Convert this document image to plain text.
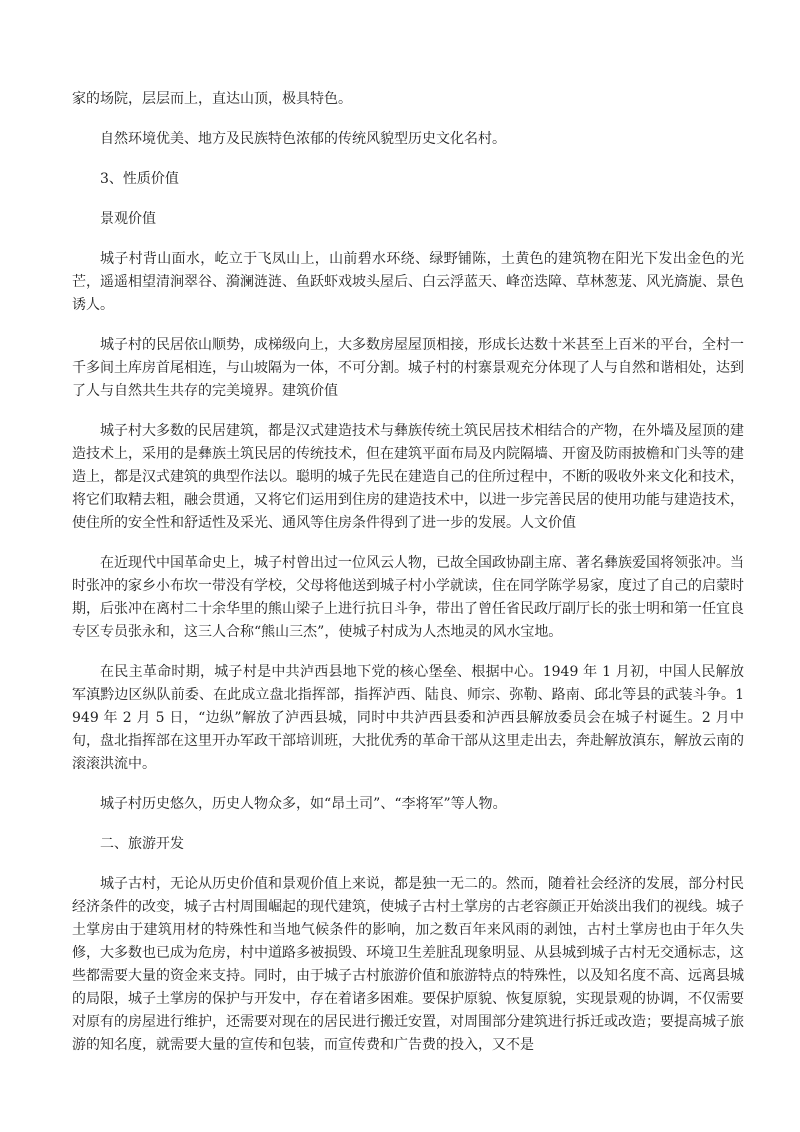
家的场院，层层而上，直达山顶，极具特色。

自然环境优美、地方及民族特色浓郁的传统风貌型历史文化名村。

3、性质价值

景观价值

城子村背山面水，屹立于飞凤山上，山前碧水环绕、绿野铺陈，土黄色的建筑物在阳光下发出金色的光芒，遥遥相望清涧翠谷、漪澜涟涟、鱼跃虾戏坡头屋后、白云浮蓝天、峰峦迭障、草林葱茏、风光旖旎、景色诱人。

城子村的民居依山顺势，成梯级向上，大多数房屋屋顶相接，形成长达数十米甚至上百米的平台，全村一千多间土库房首尾相连，与山坡隔为一体，不可分割。城子村的村寨景观充分体现了人与自然和谐相处，达到了人与自然共生共存的完美境界。建筑价值

城子村大多数的民居建筑，都是汉式建造技术与彝族传统土筑民居技术相结合的产物，在外墙及屋顶的建造技术上，采用的是彝族土筑民居的传统技术，但在建筑平面布局及内院隔墙、开窗及防雨披檐和门头等的建造上，都是汉式建筑的典型作法以。聪明的城子先民在建造自己的住所过程中，不断的吸收外来文化和技术，将它们取精去粗，融会贯通，又将它们运用到住房的建造技术中，以进一步完善民居的使用功能与建造技术，使住所的安全性和舒适性及采光、通风等住房条件得到了进一步的发展。人文价值

在近现代中国革命史上，城子村曾出过一位风云人物，已故全国政协副主席、著名彝族爱国将领张冲。当时张冲的家乡小布坎一带没有学校，父母将他送到城子村小学就读，住在同学陈学易家，度过了自己的启蒙时期，后张冲在离村二十余华里的熊山梁子上进行抗日斗争，带出了曾任省民政厅副厅长的张士明和第一任宜良专区专员张永和，这三人合称“熊山三杰”，使城子村成为人杰地灵的风水宝地。

在民主革命时期，城子村是中共泸西县地下党的核心堡垒、根据中心。1949 年 1 月初，中国人民解放军滇黔边区纵队前委、在此成立盘北指挥部，指挥泸西、陆良、师宗、弥勒、路南、邱北等县的武装斗争。1949 年 2 月 5 日，“边纵”解放了泸西县城，同时中共泸西县委和泸西县解放委员会在城子村诞生。2 月中旬，盘北指挥部在这里开办军政干部培训班，大批优秀的革命干部从这里走出去，奔赴解放滇东，解放云南的滚滚洪流中。

城子村历史悠久，历史人物众多，如“昂土司”、“李将军”等人物。

二、旅游开发

城子古村，无论从历史价值和景观价值上来说，都是独一无二的。然而，随着社会经济的发展，部分村民经济条件的改变，城子古村周围崛起的现代建筑，使城子古村土掌房的古老容颜正开始淡出我们的视线。城子土掌房由于建筑用材的特殊性和当地气候条件的影响，加之数百年来风雨的剥蚀，古村土掌房也由于年久失修，大多数也已成为危房，村中道路多被损毁、环境卫生差脏乱现象明显、从县城到城子古村无交通标志，这些都需要大量的资金来支持。同时，由于城子古村旅游价值和旅游特点的特殊性，以及知名度不高、远离县城的局限，城子土掌房的保护与开发中，存在着诸多困难。要保护原貌、恢复原貌，实现景观的协调，不仅需要对原有的房屋进行维护，还需要对现在的居民进行搬迁安置，对周围部分建筑进行拆迁或改造；要提高城子旅游的知名度，就需要大量的宣传和包装，而宣传费和广告费的投入，又不是
